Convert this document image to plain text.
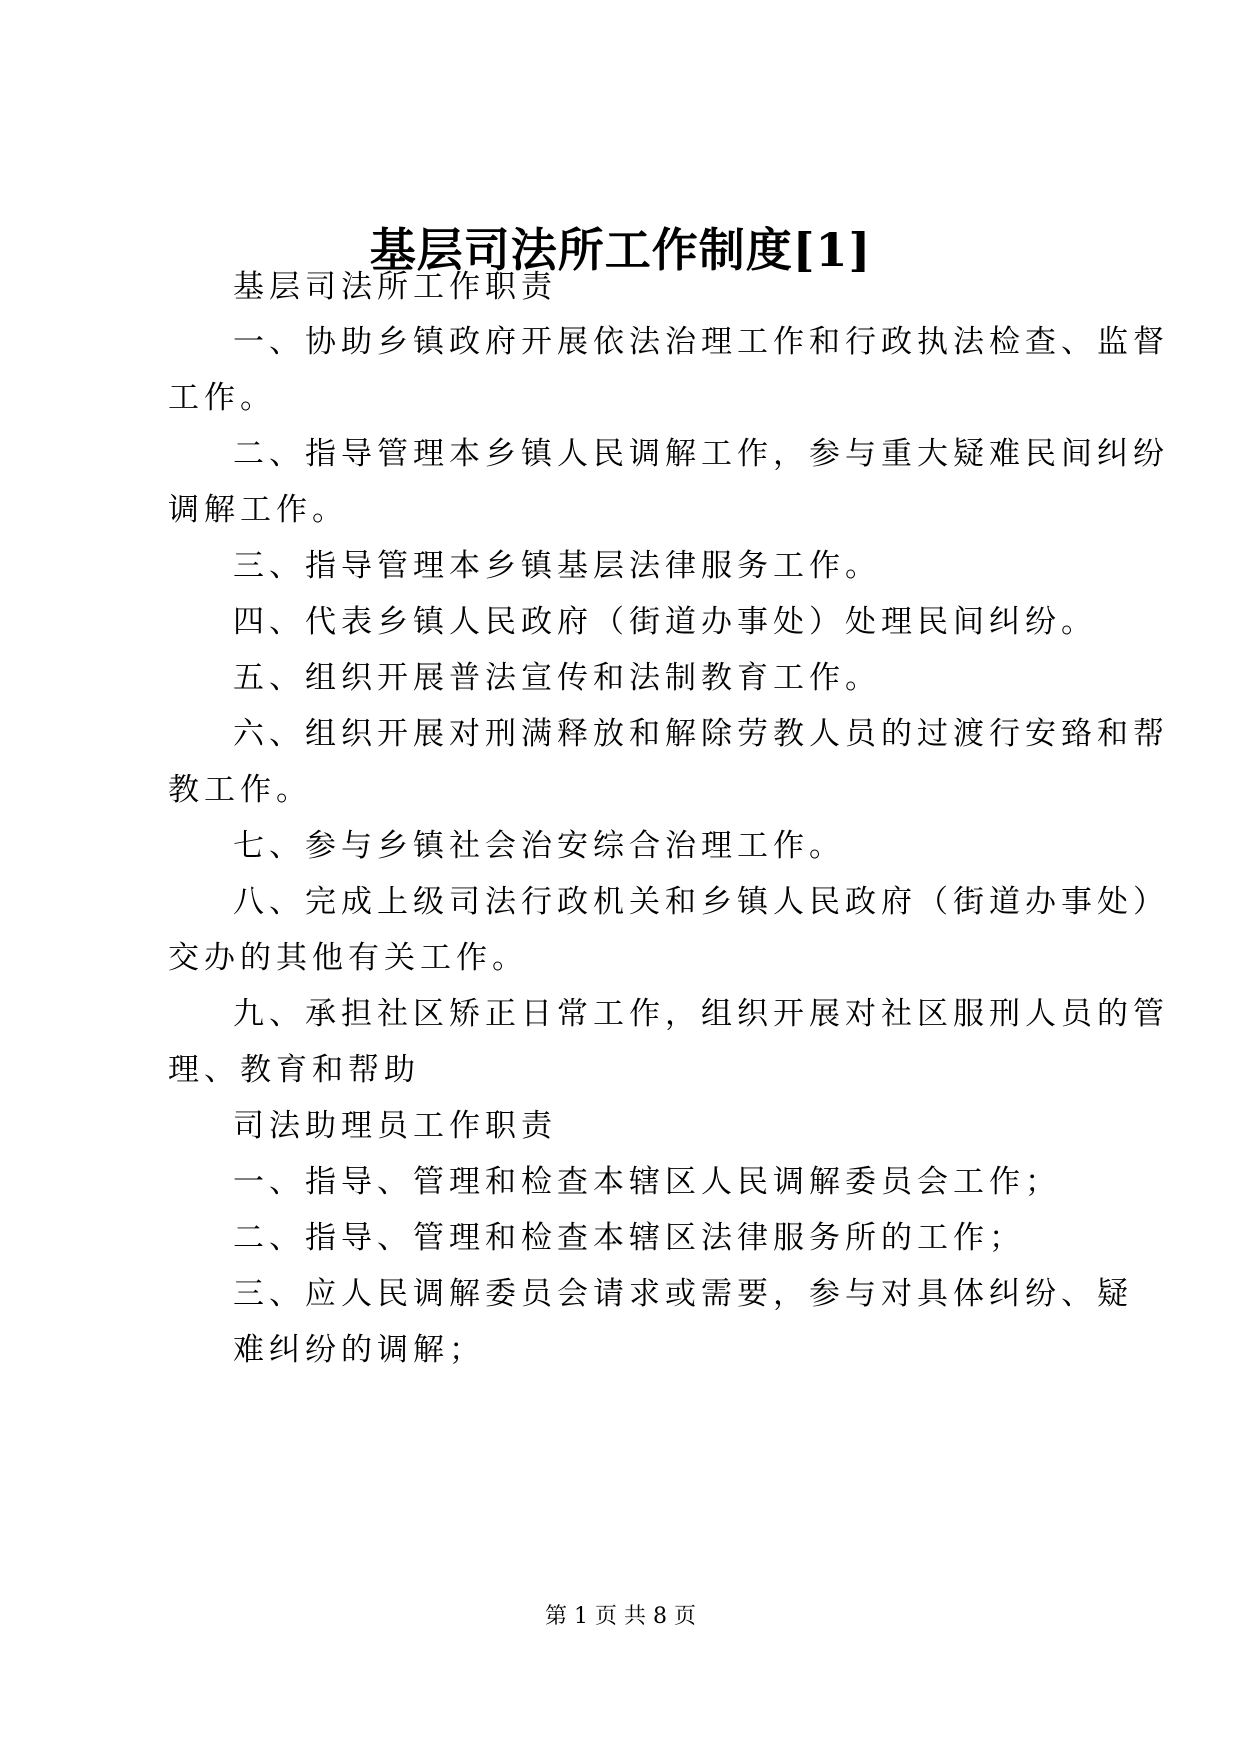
基层司法所工作制度[1]
基层司法所工作职责
一、协助乡镇政府开展依法治理工作和行政执法检查、监督
工作。
二、指导管理本乡镇人民调解工作，参与重大疑难民间纠纷
调解工作。
三、指导管理本乡镇基层法律服务工作。
四、代表乡镇人民政府（街道办事处）处理民间纠纷。
五、组织开展普法宣传和法制教育工作。
六、组织开展对刑满释放和解除劳教人员的过渡行安臵和帮
教工作。
七、参与乡镇社会治安综合治理工作。
八、完成上级司法行政机关和乡镇人民政府（街道办事处）
交办的其他有关工作。
九、承担社区矫正日常工作，组织开展对社区服刑人员的管
理、教育和帮助
司法助理员工作职责
一、指导、管理和检查本辖区人民调解委员会工作；
二、指导、管理和检查本辖区法律服务所的工作；
三、应人民调解委员会请求或需要，参与对具体纠纷、疑
难纠纷的调解；
第 1 页 共 8 页
